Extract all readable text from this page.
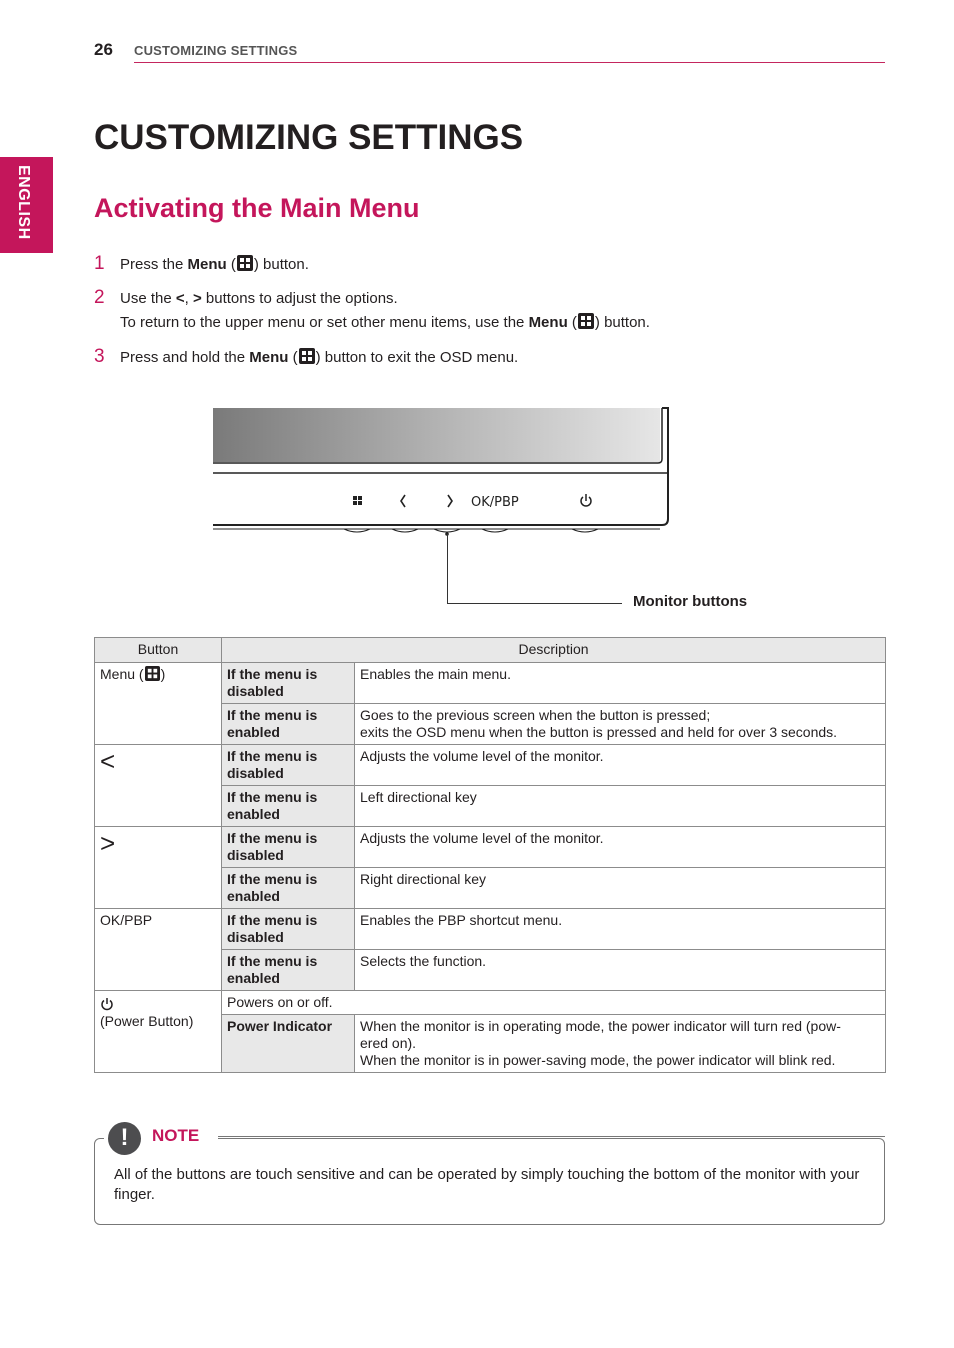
26 CUSTOMIZING SETTINGS
ENGLISH
CUSTOMIZING SETTINGS
Activating the Main Menu
1	Press the Menu ( ) button.
2	Use the <, > buttons to adjust the options.
To return to the upper menu or set other menu items, use the Menu ( ) button.
3	Press and hold the Menu ( ) button to exit the OSD menu.
OK/PBP
Monitor buttons
Button	Description	
Menu ( )	If the menu is disabled	Enables the main menu.
	If the menu is enabled	Goes to the previous screen when the button is pressed;
exits the OSD menu when the button is pressed and held for over 3 seconds.

<	If the menu is disabled	Adjusts the volume level of the monitor.
	If the menu is enabled	Left directional key
>	If the menu is disabled	Adjusts the volume level of the monitor.
	If the menu is enabled	Right directional key
OK/PBP	If the menu is disabled	Enables the PBP shortcut menu.
	If the menu is enabled	Selects the function.

(Power Button)	Powers on or off.	
	Power Indicator	When the monitor is in operating mode, the power indicator will turn red (pow-
ered on).
When the monitor is in power-saving mode, the power indicator will blink red.
!	NOTE
All of the buttons are touch sensitive and can be operated by simply touching the bottom of the monitor with your finger.
